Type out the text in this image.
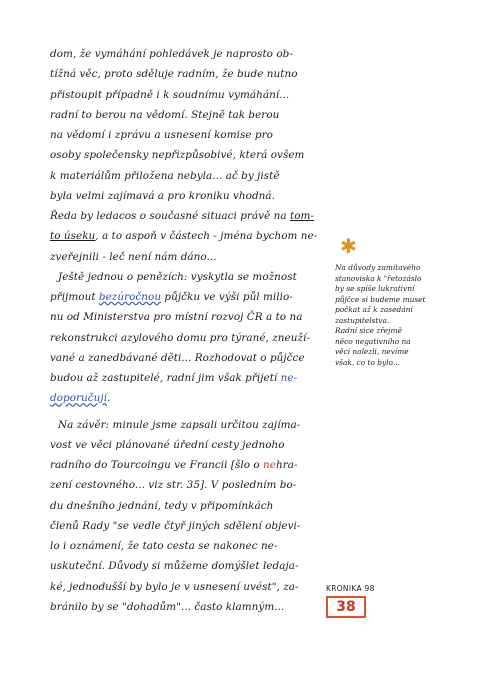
dom, že vymáhání pohledávek je naprosto ob-
tížná věc, proto sděluje radním, že bude nutno
přistoupit případně i k soudnímu vymáhání...
radní to berou na vědomí. Stejně tak berou
na vědomí i zprávu a usnesení komise pro
osoby společensky nepřizpůsobivé, která ovšem
k materiálům přiložena nebyla... ač by jistě
byla velmi zajímavá a pro kroniku vhodná.
Ředa by ledacos o současné situaci právě na tom-
to úseku, a to aspoň v částech - jména bychom ne-
zveřejnili - leč není nám dáno...
Ještě jednou o penězích: vyskytla se možnost
přijmout bezúročnou půjčku ve výši půl milio-
nu od Ministerstva pro místní rozvoj ČR a to na
rekonstrukci azylového domu pro týrané, zneuží-
vané a zanedbávané děti... Rozhodovat o půjčce
budou až zastupitelé, radní jim však přijetí ne-
doporučují.
Na závěr: minule jsme zapsali určitou zajíma-
vost ve věci plánované úřední cesty jednoho
radního do Tourcoingu ve Francii [šlo o nehra-
zení cestovného... viz str. 35]. V posledním bo-
du dnešního jednání, tedy v připomínkách
členů Rady "se vedle čtyř jiných sdělení objevi-
lo i oznámení, že tato cesta se nakonec ne-
uskuteční. Důvody si můžeme domýšlet ledaja-
ké, jednodušší by bylo je v usnesení uvést", za-
bránilo by se "dohadům"... často klamným...
✱
Na důvody zamítavého
stanoviska k "řetozáslo
by se spíše lukrativní
půjčce si budeme muset
počkat až k zasedání
zastupitelstva.
Radní sice zřejmě
něco negativního na
věci nalezli, nevíme
však, co to bylo...
KRONIKA 98
38
